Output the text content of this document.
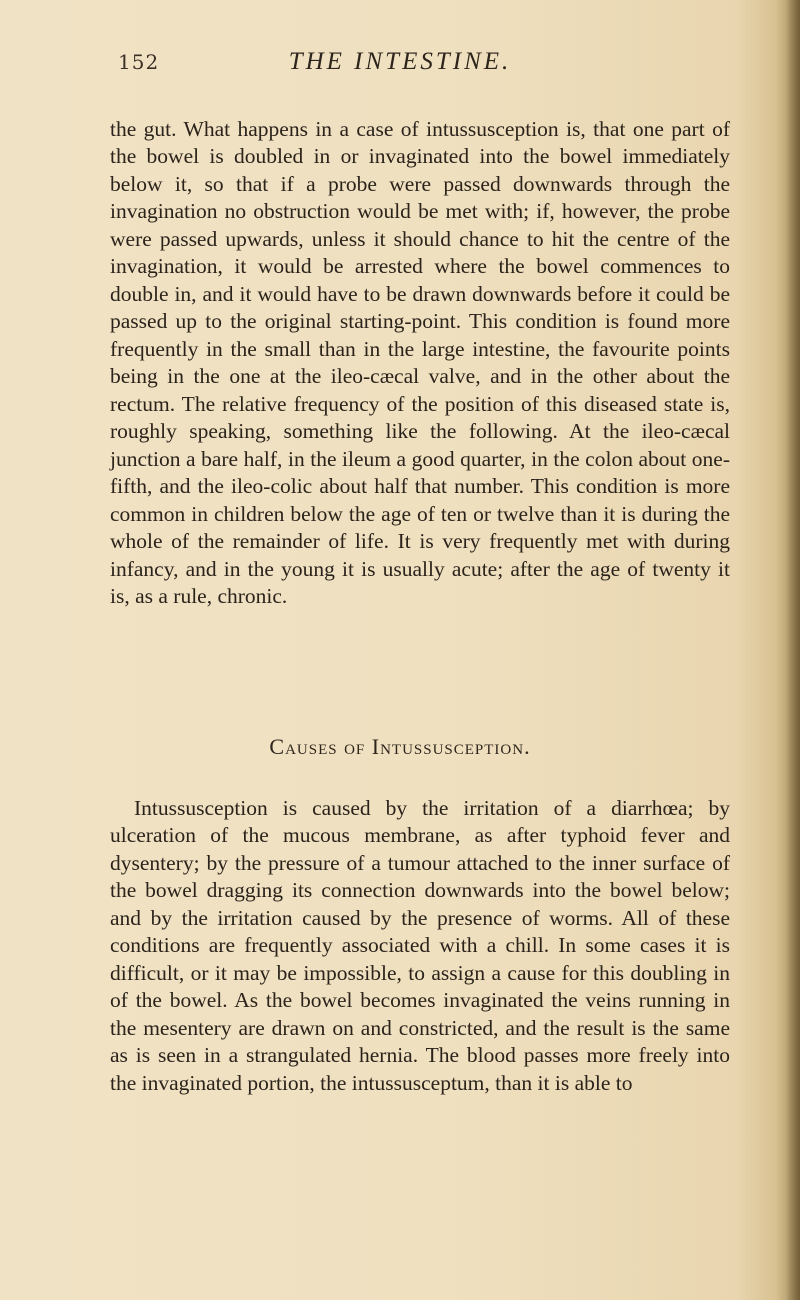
152	THE INTESTINE.

the gut. What happens in a case of intussusception is, that one part of the bowel is doubled in or invaginated into the bowel immediately below it, so that if a probe were passed downwards through the invagination no obstruction would be met with; if, however, the probe were passed upwards, unless it should chance to hit the centre of the invagination, it would be arrested where the bowel commences to double in, and it would have to be drawn downwards before it could be passed up to the original starting-point. This condition is found more frequently in the small than in the large intestine, the favourite points being in the one at the ileo-cæcal valve, and in the other about the rectum. The relative frequency of the position of this diseased state is, roughly speaking, something like the following. At the ileo-cæcal junction a bare half, in the ileum a good quarter, in the colon about one-fifth, and the ileo-colic about half that number. This condition is more common in children below the age of ten or twelve than it is during the whole of the remainder of life. It is very frequently met with during infancy, and in the young it is usually acute; after the age of twenty it is, as a rule, chronic.

Causes of Intussusception.

Intussusception is caused by the irritation of a diarrhœa; by ulceration of the mucous membrane, as after typhoid fever and dysentery; by the pressure of a tumour attached to the inner surface of the bowel dragging its connection downwards into the bowel below; and by the irritation caused by the presence of worms. All of these conditions are frequently associated with a chill. In some cases it is difficult, or it may be impossible, to assign a cause for this doubling in of the bowel. As the bowel becomes invaginated the veins running in the mesentery are drawn on and constricted, and the result is the same as is seen in a strangulated hernia. The blood passes more freely into the invaginated portion, the intussusceptum, than it is able to
